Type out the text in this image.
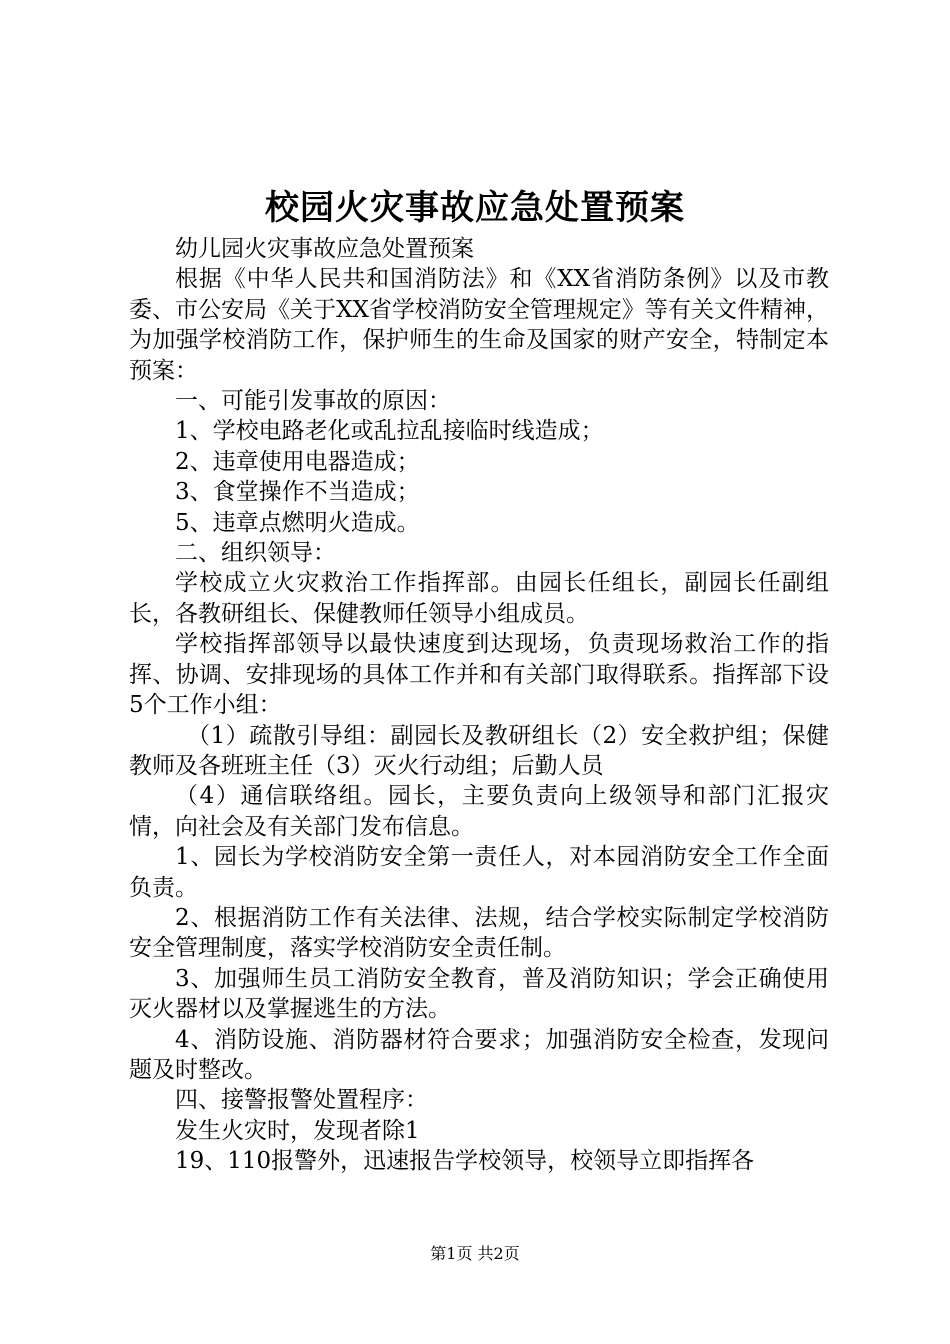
校园火灾事故应急处置预案

幼儿园火灾事故应急处置预案

根据《中华人民共和国消防法》和《XX省消防条例》以及市教委、市公安局《关于XX省学校消防安全管理规定》等有关文件精神，为加强学校消防工作，保护师生的生命及国家的财产安全，特制定本预案：

一、可能引发事故的原因：

1、学校电路老化或乱拉乱接临时线造成；

2、违章使用电器造成；

3、食堂操作不当造成；

5、违章点燃明火造成。

二、组织领导：

学校成立火灾救治工作指挥部。由园长任组长，副园长任副组长，各教研组长、保健教师任领导小组成员。

学校指挥部领导以最快速度到达现场，负责现场救治工作的指挥、协调、安排现场的具体工作并和有关部门取得联系。指挥部下设5个工作小组：

（1）疏散引导组：副园长及教研组长（2）安全救护组；保健教师及各班班主任（3）灭火行动组；后勤人员

（4）通信联络组。园长，主要负责向上级领导和部门汇报灾情，向社会及有关部门发布信息。

1、园长为学校消防安全第一责任人，对本园消防安全工作全面负责。

2、根据消防工作有关法律、法规，结合学校实际制定学校消防安全管理制度，落实学校消防安全责任制。

3、加强师生员工消防安全教育，普及消防知识；学会正确使用灭火器材以及掌握逃生的方法。

4、消防设施、消防器材符合要求；加强消防安全检查，发现问题及时整改。

四、接警报警处置程序：

发生火灾时，发现者除1

19、110报警外，迅速报告学校领导，校领导立即指挥各

第1页 共2页
